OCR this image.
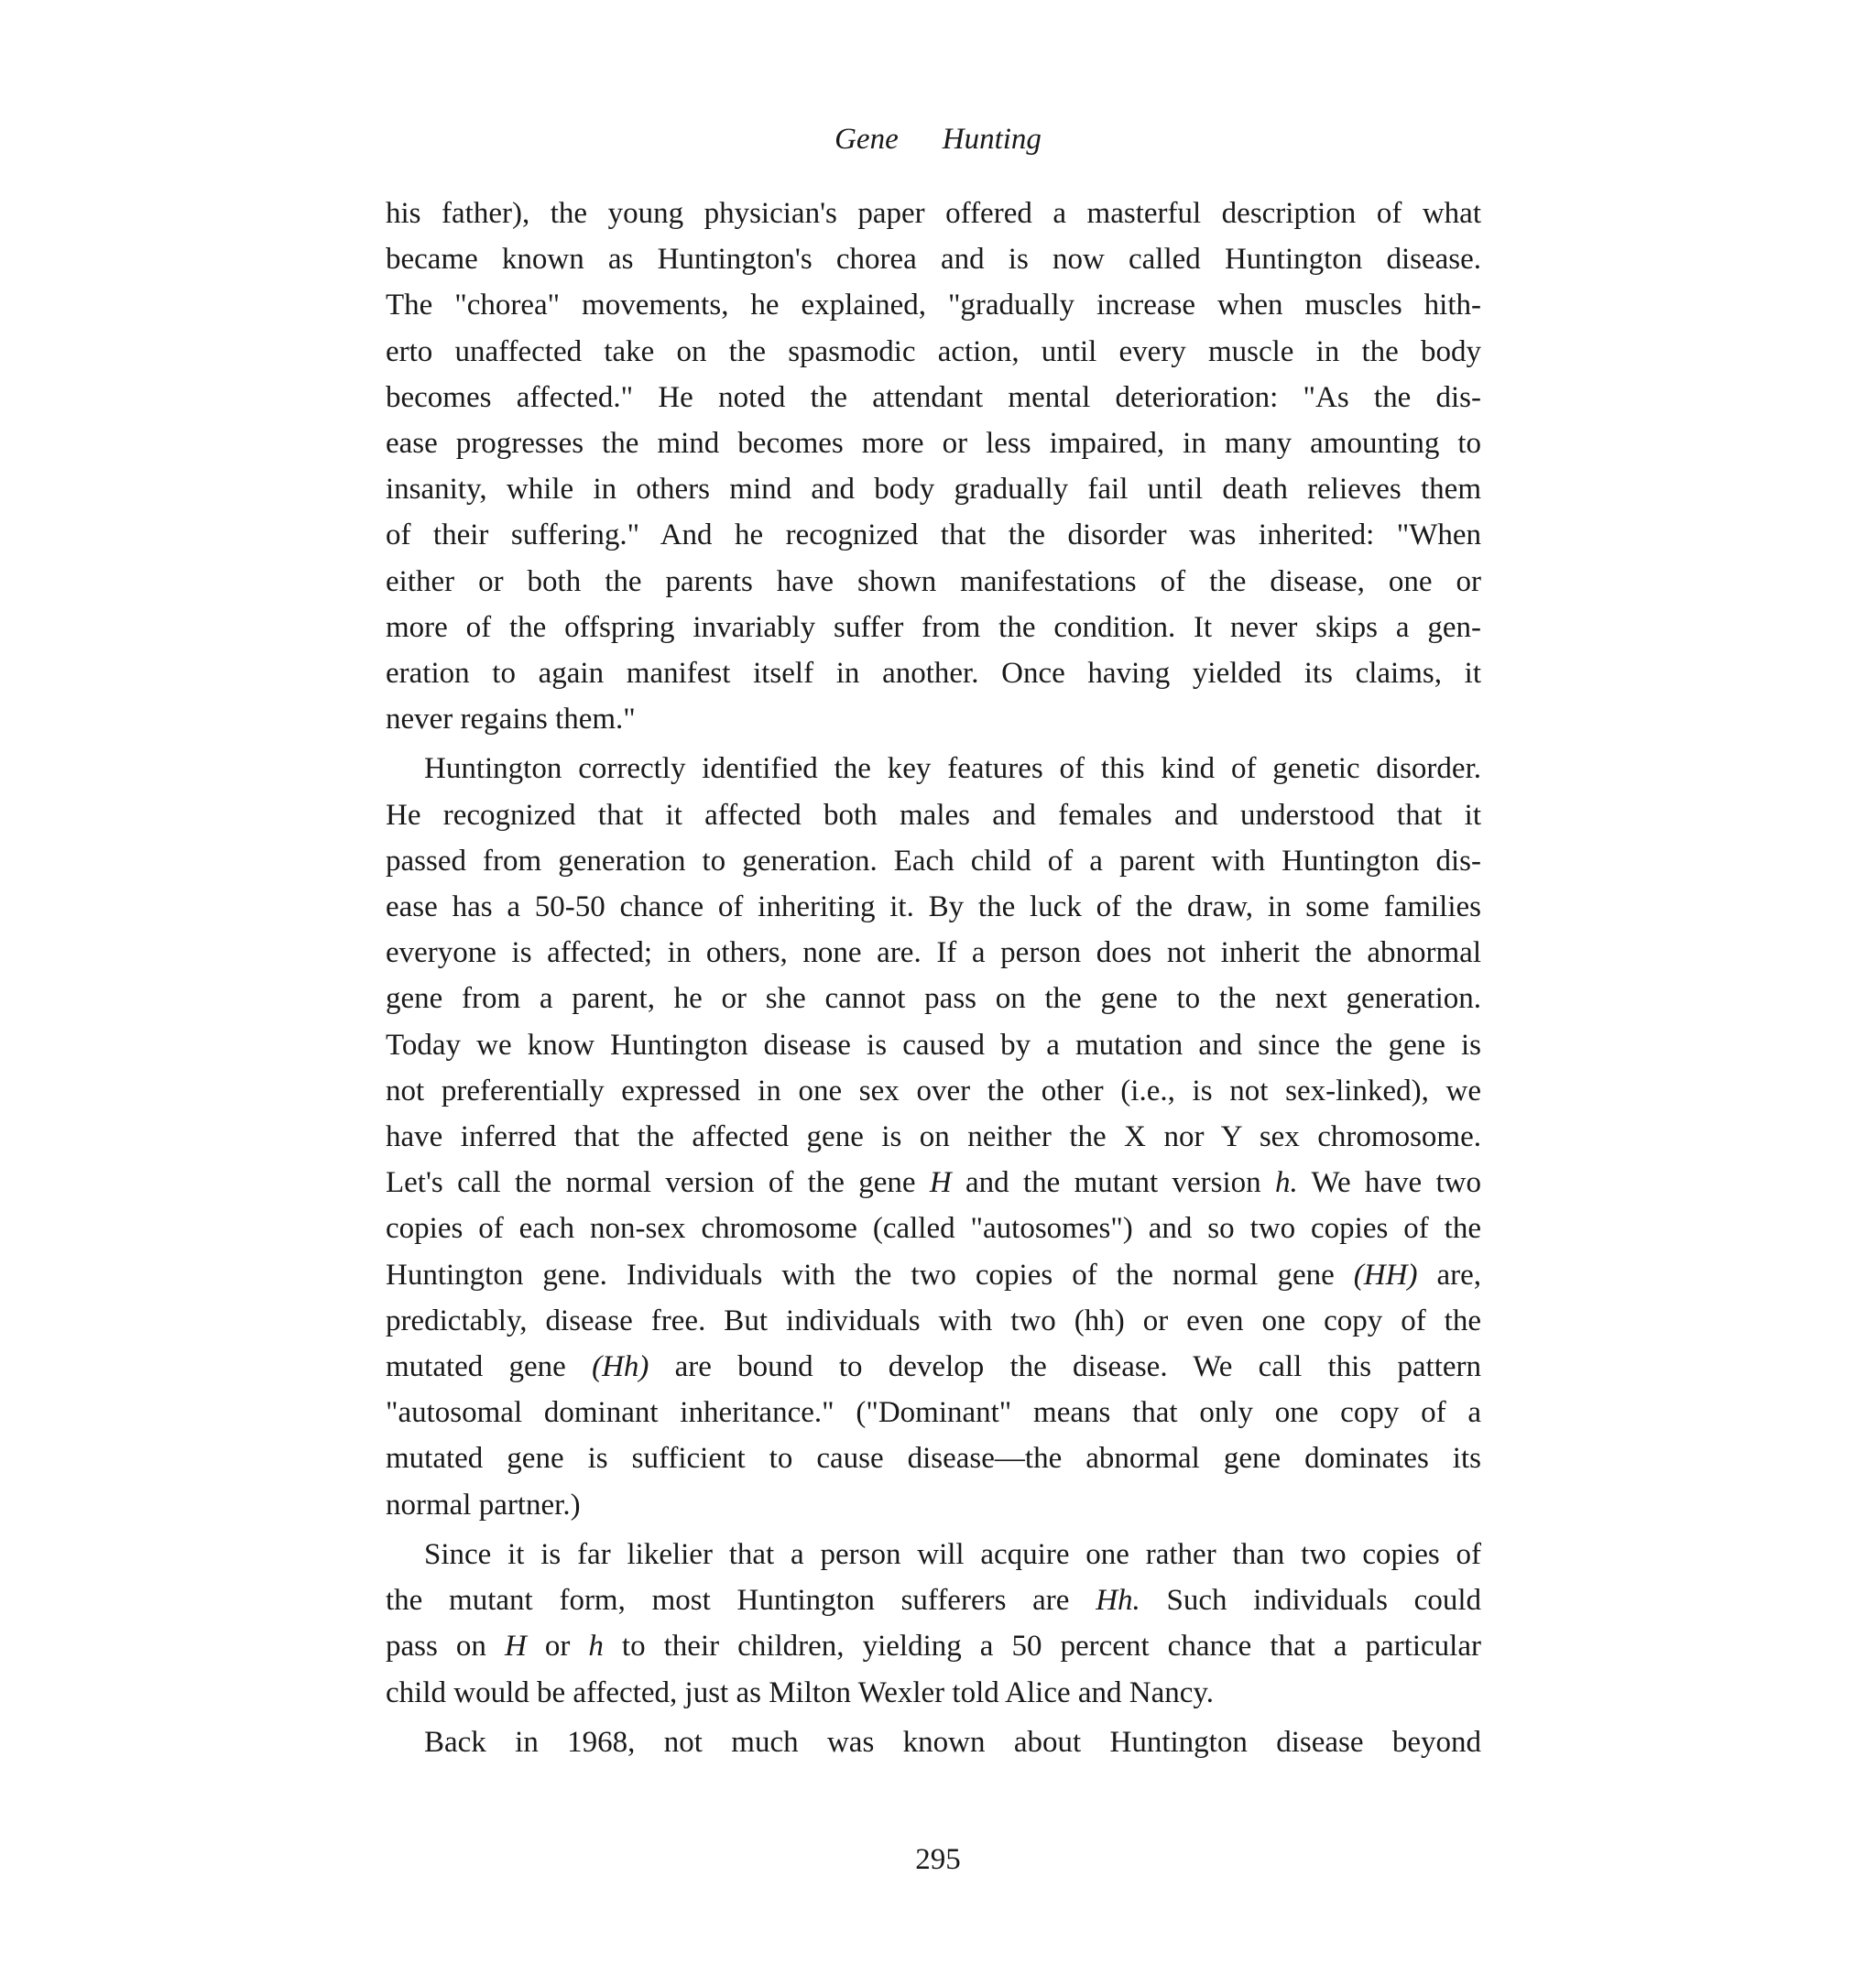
Gene Hunting

his father), the young physician's paper offered a masterful description of what
became known as Huntington's chorea and is now called Huntington disease.
The "chorea" movements, he explained, "gradually increase when muscles hith-
erto unaffected take on the spasmodic action, until every muscle in the body
becomes affected." He noted the attendant mental deterioration: "As the dis-
ease progresses the mind becomes more or less impaired, in many amounting to
insanity, while in others mind and body gradually fail until death relieves them
of their suffering." And he recognized that the disorder was inherited: "When
either or both the parents have shown manifestations of the disease, one or
more of the offspring invariably suffer from the condition. It never skips a gen-
eration to again manifest itself in another. Once having yielded its claims, it
never regains them."

Huntington correctly identified the key features of this kind of genetic disorder.
He recognized that it affected both males and females and understood that it
passed from generation to generation. Each child of a parent with Huntington dis-
ease has a 50-50 chance of inheriting it. By the luck of the draw, in some families
everyone is affected; in others, none are. If a person does not inherit the abnormal
gene from a parent, he or she cannot pass on the gene to the next generation.
Today we know Huntington disease is caused by a mutation and since the gene is
not preferentially expressed in one sex over the other (i.e., is not sex-linked), we
have inferred that the affected gene is on neither the X nor Y sex chromosome.
Let's call the normal version of the gene H and the mutant version h. We have two
copies of each non-sex chromosome (called "autosomes") and so two copies of the
Huntington gene. Individuals with the two copies of the normal gene (HH) are,
predictably, disease free. But individuals with two (hh) or even one copy of the
mutated gene (Hh) are bound to develop the disease. We call this pattern
"autosomal dominant inheritance." ("Dominant" means that only one copy of a
mutated gene is sufficient to cause disease—the abnormal gene dominates its
normal partner.)

Since it is far likelier that a person will acquire one rather than two copies of
the mutant form, most Huntington sufferers are Hh. Such individuals could
pass on H or h to their children, yielding a 50 percent chance that a particular
child would be affected, just as Milton Wexler told Alice and Nancy.

Back in 1968, not much was known about Huntington disease beyond

295
